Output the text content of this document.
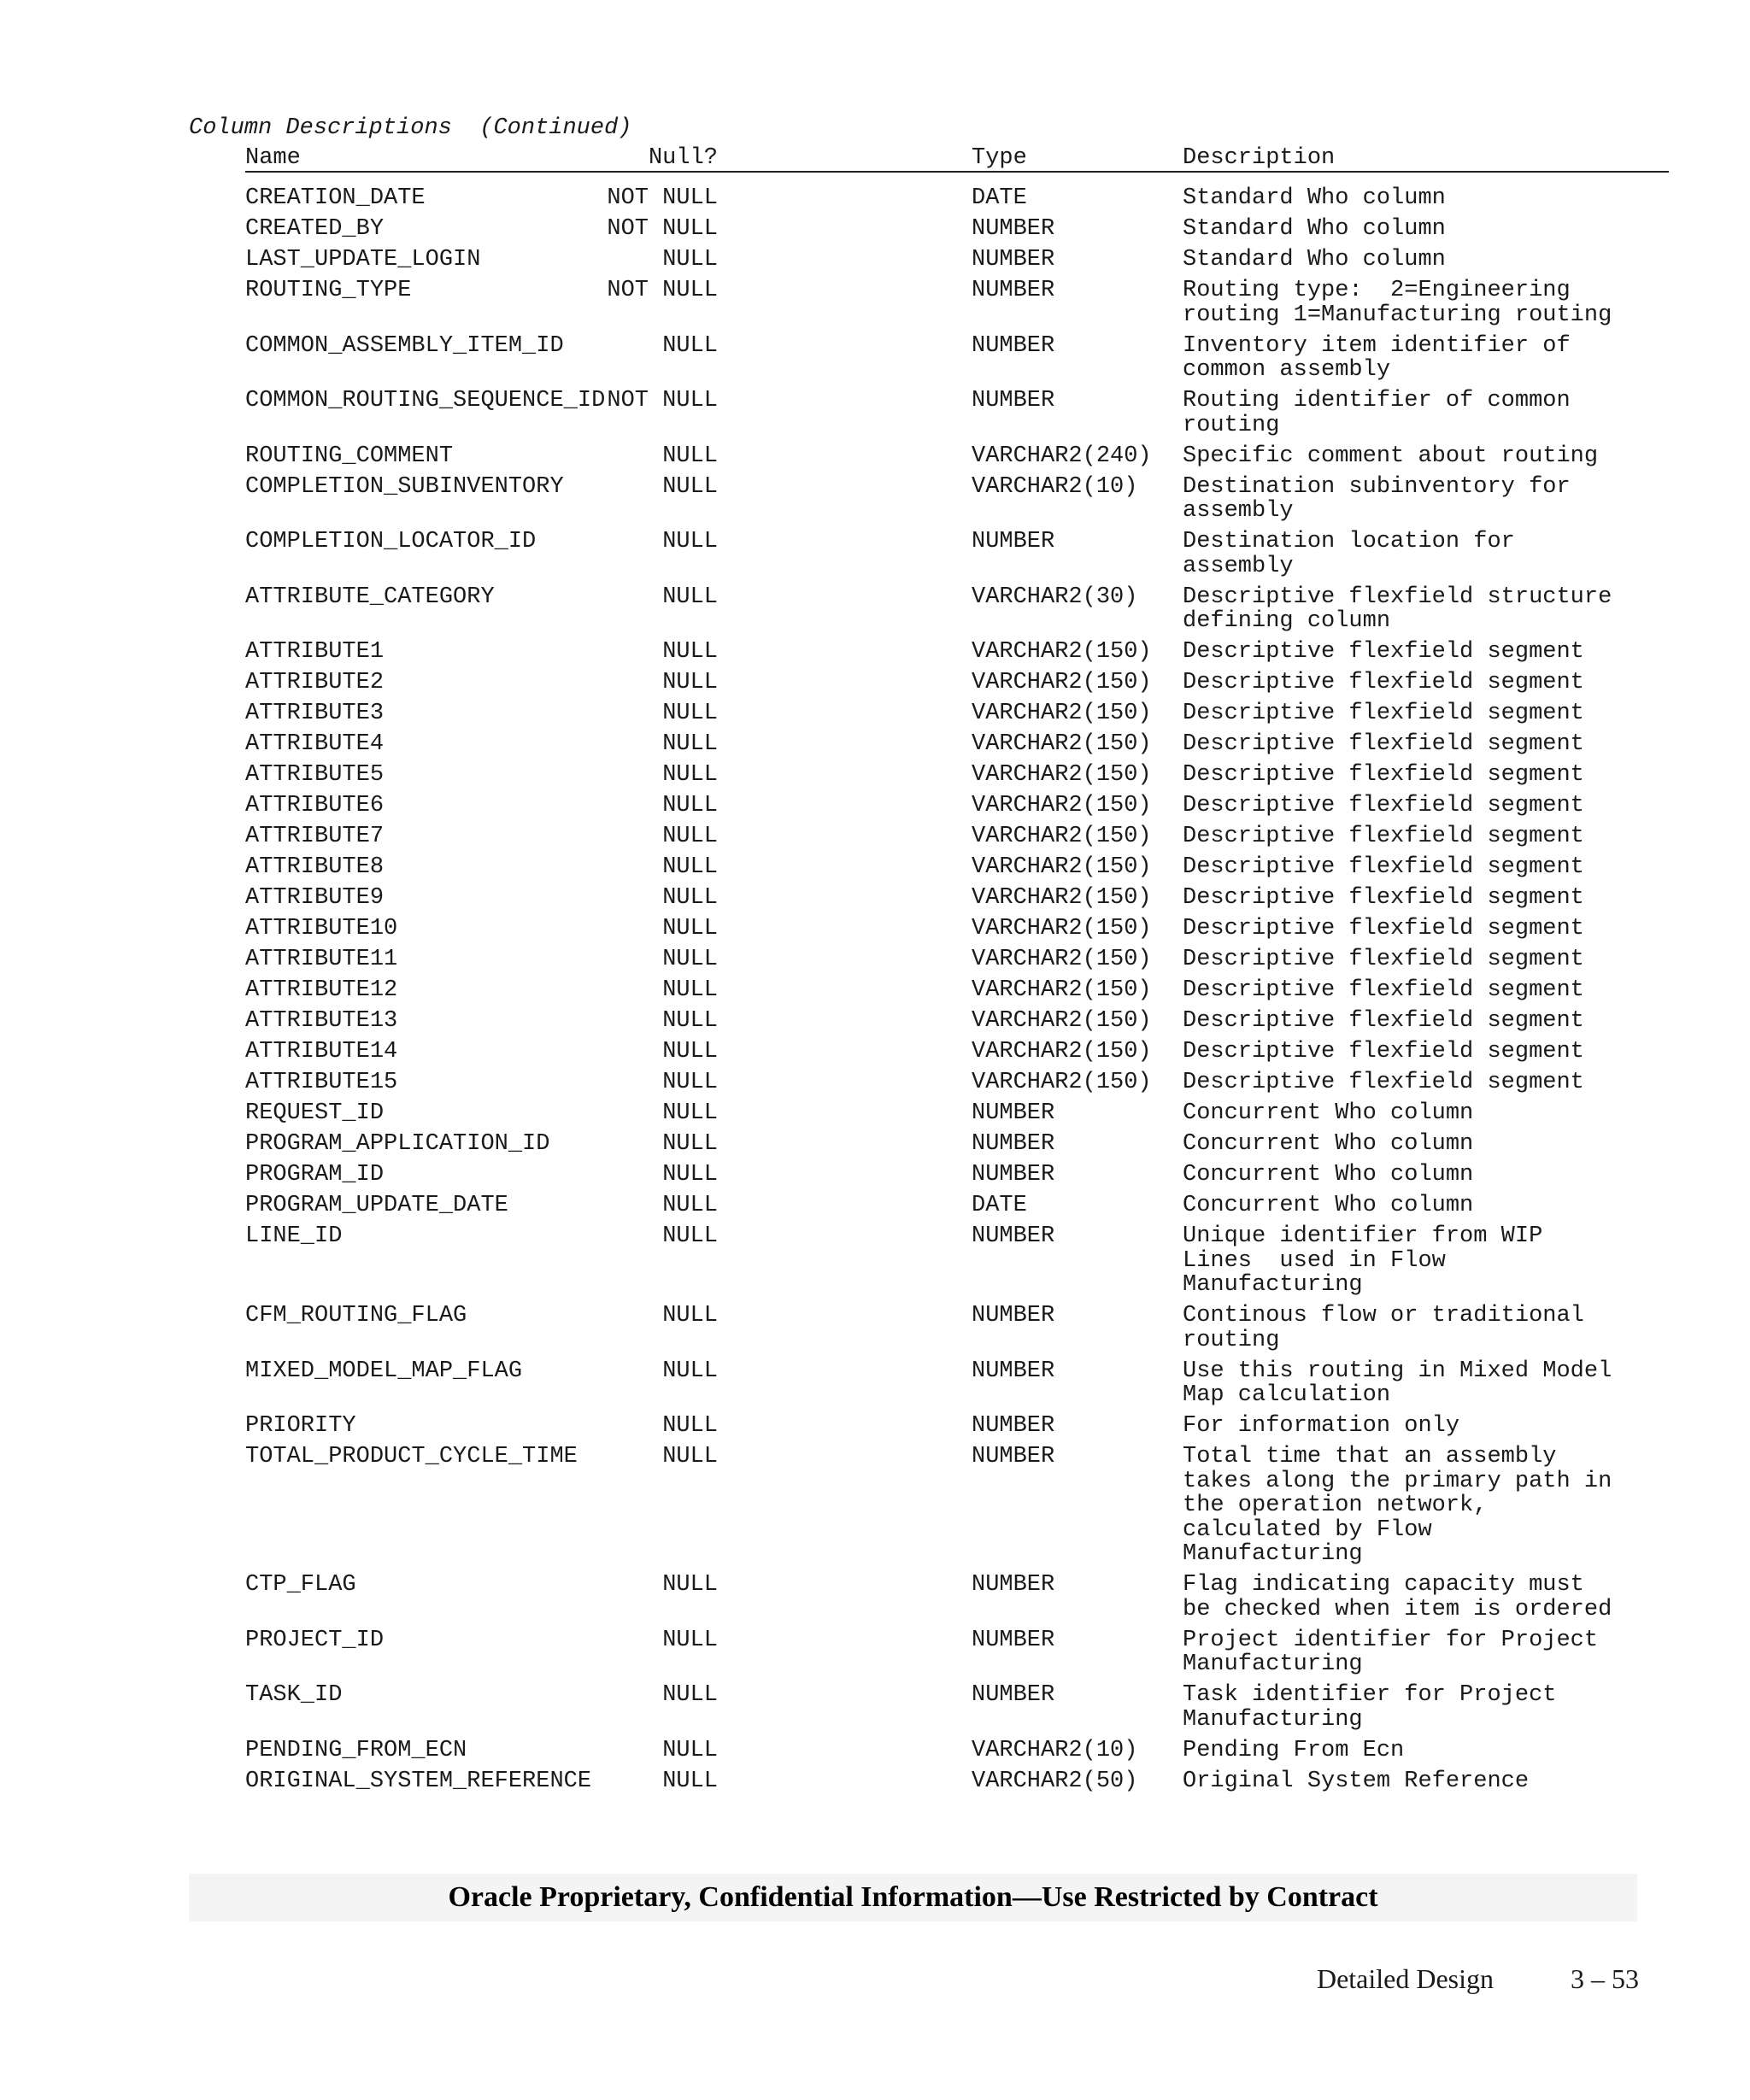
Column Descriptions  (Continued)
Name	Null?	Type	Description
CREATION_DATE	NOT NULL	DATE	Standard Who column
CREATED_BY	NOT NULL	NUMBER	Standard Who column
LAST_UPDATE_LOGIN	NULL	NUMBER	Standard Who column
ROUTING_TYPE	NOT NULL	NUMBER	Routing type:  2=Engineering
routing 1=Manufacturing routing
COMMON_ASSEMBLY_ITEM_ID	NULL	NUMBER	Inventory item identifier of
common assembly
COMMON_ROUTING_SEQUENCE_ID NOT NULL	NUMBER	Routing identifier of common
routing
ROUTING_COMMENT	NULL	VARCHAR2(240) Specific comment about routing
COMPLETION_SUBINVENTORY	NULL	VARCHAR2(10) Destination subinventory for
assembly
COMPLETION_LOCATOR_ID	NULL	NUMBER	Destination location for
assembly
ATTRIBUTE_CATEGORY	NULL	VARCHAR2(30) Descriptive flexfield structure
defining column
ATTRIBUTE1	NULL	VARCHAR2(150) Descriptive flexfield segment
ATTRIBUTE2	NULL	VARCHAR2(150) Descriptive flexfield segment
ATTRIBUTE3	NULL	VARCHAR2(150) Descriptive flexfield segment
ATTRIBUTE4	NULL	VARCHAR2(150) Descriptive flexfield segment
ATTRIBUTE5	NULL	VARCHAR2(150) Descriptive flexfield segment
ATTRIBUTE6	NULL	VARCHAR2(150) Descriptive flexfield segment
ATTRIBUTE7	NULL	VARCHAR2(150) Descriptive flexfield segment
ATTRIBUTE8	NULL	VARCHAR2(150) Descriptive flexfield segment
ATTRIBUTE9	NULL	VARCHAR2(150) Descriptive flexfield segment
ATTRIBUTE10	NULL	VARCHAR2(150) Descriptive flexfield segment
ATTRIBUTE11	NULL	VARCHAR2(150) Descriptive flexfield segment
ATTRIBUTE12	NULL	VARCHAR2(150) Descriptive flexfield segment
ATTRIBUTE13	NULL	VARCHAR2(150) Descriptive flexfield segment
ATTRIBUTE14	NULL	VARCHAR2(150) Descriptive flexfield segment
ATTRIBUTE15	NULL	VARCHAR2(150) Descriptive flexfield segment
REQUEST_ID	NULL	NUMBER	Concurrent Who column
PROGRAM_APPLICATION_ID	NULL	NUMBER	Concurrent Who column
PROGRAM_ID	NULL	NUMBER	Concurrent Who column
PROGRAM_UPDATE_DATE	NULL	DATE	Concurrent Who column
LINE_ID	NULL	NUMBER	Unique identifier from WIP
Lines  used in Flow
Manufacturing
CFM_ROUTING_FLAG	NULL	NUMBER	Continous flow or traditional
routing
MIXED_MODEL_MAP_FLAG	NULL	NUMBER	Use this routing in Mixed Model
Map calculation
PRIORITY	NULL	NUMBER	For information only
TOTAL_PRODUCT_CYCLE_TIME	NULL	NUMBER	Total time that an assembly
takes along the primary path in
the operation network,
calculated by Flow
Manufacturing
CTP_FLAG	NULL	NUMBER	Flag indicating capacity must
be checked when item is ordered
PROJECT_ID	NULL	NUMBER	Project identifier for Project
Manufacturing
TASK_ID	NULL	NUMBER	Task identifier for Project
Manufacturing
PENDING_FROM_ECN	NULL	VARCHAR2(10) Pending From Ecn
ORIGINAL_SYSTEM_REFERENCE	NULL	VARCHAR2(50) Original System Reference
Oracle Proprietary, Confidential Information––Use Restricted by Contract
Detailed Design	3 – 53
